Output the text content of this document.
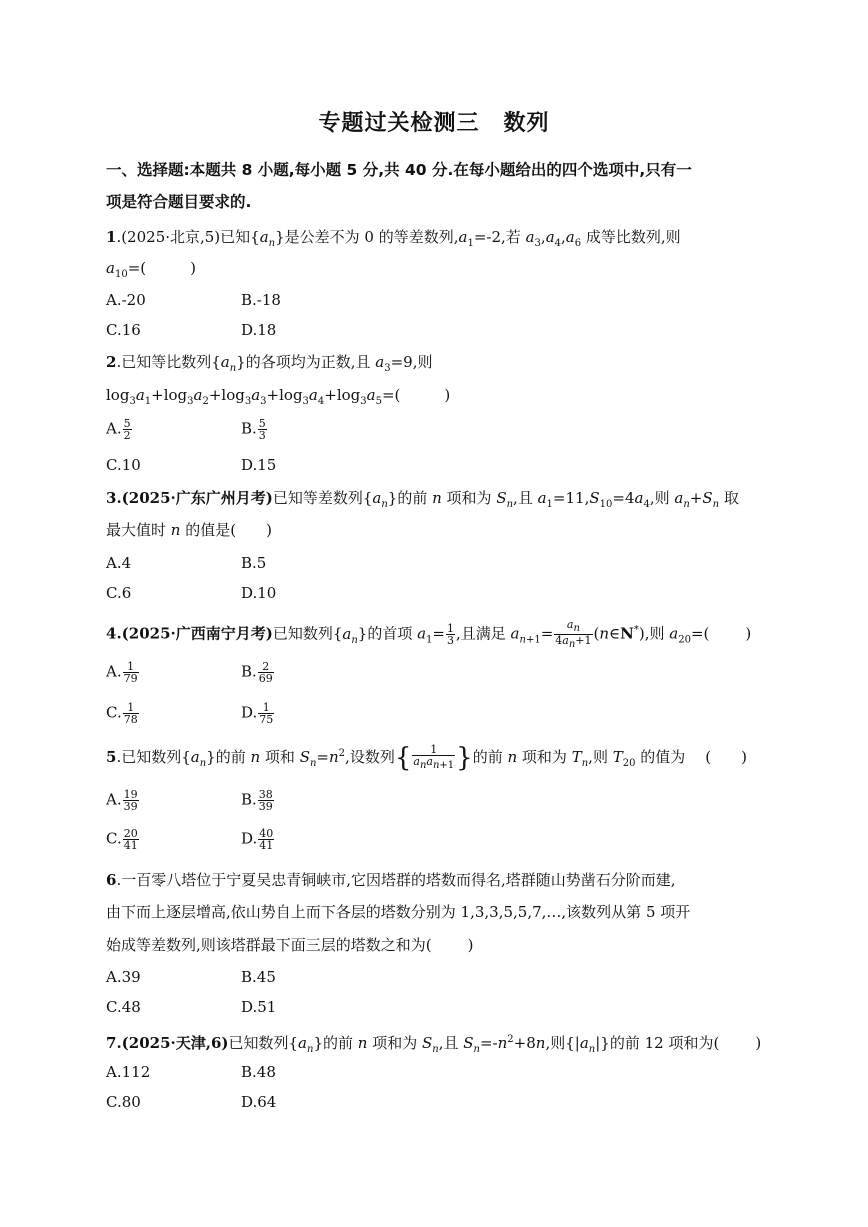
专题过关检测三 数列
一、选择题:本题共 8 小题,每小题 5 分,共 40 分.在每小题给出的四个选项中,只有一
项是符合题目要求的.
1.(2025·北京,5)已知$\{a_n\}$是公差不为 0 的等差数列$,a_1=-2$,若 $a_3,a_4,a_6$ 成等比数列,则
$a_{10}=$(	)
A.-20	B.-18
C.16	D.18
2.已知等比数列$\{a_n\}$的各项均为正数,且 $a_3=9$,则
$\log_3a_1+\log_3a_2+\log_3a_3+\log_3a_4+\log_3a_5=$(	)
A. $\frac{5}{2}$	B. $\frac{5}{3}$
C.10	D.15
3.(2025·广东广州月考)已知等差数列$\{a_n\}$的前 n 项和为 $S_n$,且 $a_1=11,S_{10}=4a_4$,则 $a_n+S_n$ 取
最大值时 n 的值是( )
A.4	B.5
C.6	D.10
4.(2025·广西南宁月考)已知数列$\{a_n\}$的首项 $a_1= \frac{1}{3}$ ,且满足 $a_{n+1}= \frac{a_n}{4a_n+1}$ (n∈N*),则 $a_{20}=$( )
A. $\frac{1}{79}$	B. $\frac{2}{69}$
C. $\frac{1}{78}$	D. $\frac{1}{75}$
5.已知数列$\{a_n\}$的前 n 项和 $S_n=n^2$,设数列{ $\frac{1}{a_na_{n+1}}$ }的前 n 项和为 $T_n$,则 $T_{20}$ 的值为 ( )
A. $\frac{19}{39}$	B. $\frac{38}{39}$
C. $\frac{20}{41}$	D. $\frac{40}{41}$
6.一百零八塔位于宁夏吴忠青铜峡市,它因塔群的塔数而得名,塔群随山势凿石分阶而建,
由下而上逐层增高,依山势自上而下各层的塔数分别为 1,3,3,5,5,7,…,该数列从第 5 项开
始成等差数列,则该塔群最下面三层的塔数之和为( )
A.39	B.45
C.48	D.51
7.(2025·天津,6)已知数列$\{a_n\}$的前 n 项和为 $S_n$,且 $S_n=-n^2+8n$,则$\{|a_n|\}$的前 12 项和为( )
A.112	B.48
C.80	D.64
